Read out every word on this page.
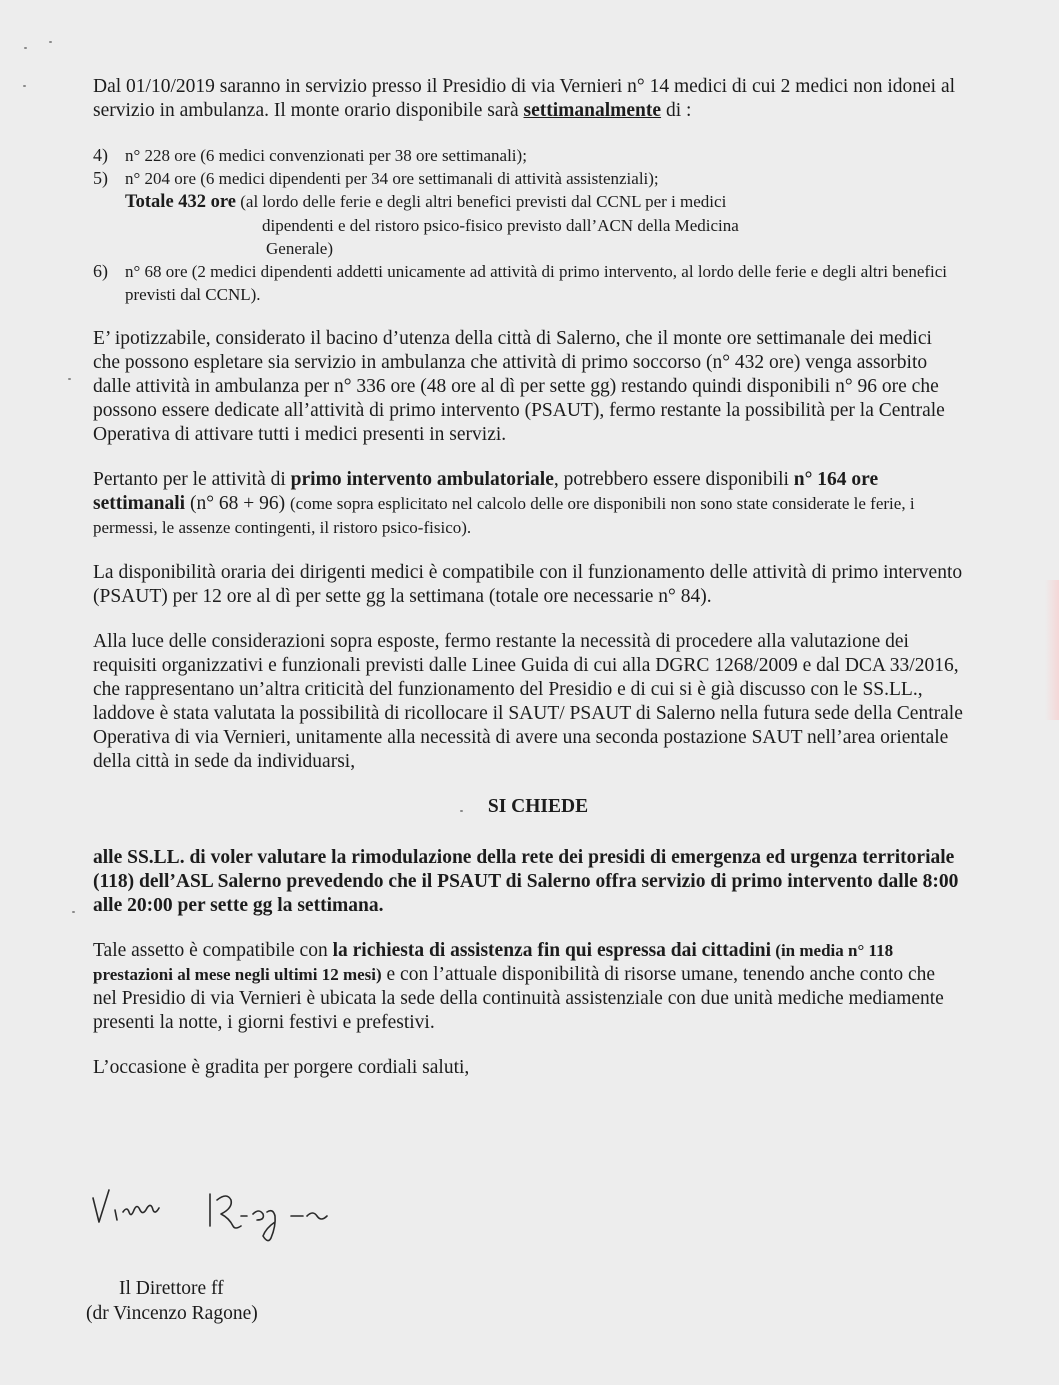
Dal 01/10/2019 saranno in servizio presso il Presidio di via Vernieri n° 14 medici di cui 2 medici non idonei al servizio in ambulanza. Il monte orario disponibile sarà settimanalmente di :

4)	n° 228 ore (6 medici convenzionati per 38 ore settimanali);
5)	n° 204 ore (6 medici dipendenti per 34 ore settimanali di attività assistenziali);
Totale 432 ore (al lordo delle ferie e degli altri benefici previsti dal CCNL per i medici
dipendenti e del ristoro psico-fisico previsto dall’ACN della Medicina
Generale)
6)	n° 68 ore (2 medici dipendenti addetti unicamente ad attività di primo intervento, al lordo delle ferie e degli altri benefici previsti dal CCNL).

E’ ipotizzabile, considerato il bacino d’utenza della città di Salerno, che il monte ore settimanale dei medici che possono espletare sia servizio in ambulanza che attività di primo soccorso (n° 432 ore) venga assorbito dalle attività in ambulanza per n° 336 ore (48 ore al dì per sette gg) restando quindi disponibili n° 96 ore che possono essere dedicate all’attività di primo intervento (PSAUT), fermo restante la possibilità per la Centrale Operativa di attivare tutti i medici presenti in servizi.

Pertanto per le attività di primo intervento ambulatoriale, potrebbero essere disponibili n° 164 ore settimanali (n° 68 + 96) (come sopra esplicitato nel calcolo delle ore disponibili non sono state considerate le ferie, i permessi, le assenze contingenti, il ristoro psico-fisico).

La disponibilità oraria dei dirigenti medici è compatibile con il funzionamento delle attività di primo intervento (PSAUT) per 12 ore al dì per sette gg la settimana (totale ore necessarie n° 84).

Alla luce delle considerazioni sopra esposte, fermo restante la necessità di procedere alla valutazione dei requisiti organizzativi e funzionali previsti dalle Linee Guida di cui alla DGRC 1268/2009 e dal DCA 33/2016, che rappresentano un’altra criticità del funzionamento del Presidio e di cui si è già discusso con le SS.LL., laddove è stata valutata la possibilità di ricollocare il SAUT/ PSAUT di Salerno nella futura sede della Centrale Operativa di via Vernieri, unitamente alla necessità di avere una seconda postazione SAUT nell’area orientale della città in sede da individuarsi,

SI CHIEDE

alle SS.LL. di voler valutare la rimodulazione della rete dei presidi di emergenza ed urgenza territoriale (118) dell’ASL Salerno prevedendo che il PSAUT di Salerno offra servizio di primo intervento dalle 8:00 alle 20:00 per sette gg la settimana.

Tale assetto è compatibile con la richiesta di assistenza fin qui espressa dai cittadini (in media n° 118 prestazioni al mese negli ultimi 12 mesi) e con l’attuale disponibilità di risorse umane, tenendo anche conto che nel Presidio di via Vernieri è ubicata la sede della continuità assistenziale con due unità mediche mediamente presenti la notte, i giorni festivi e prefestivi.

L’occasione è gradita per porgere cordiali saluti,

Il Direttore ff
(dr Vincenzo Ragone)
